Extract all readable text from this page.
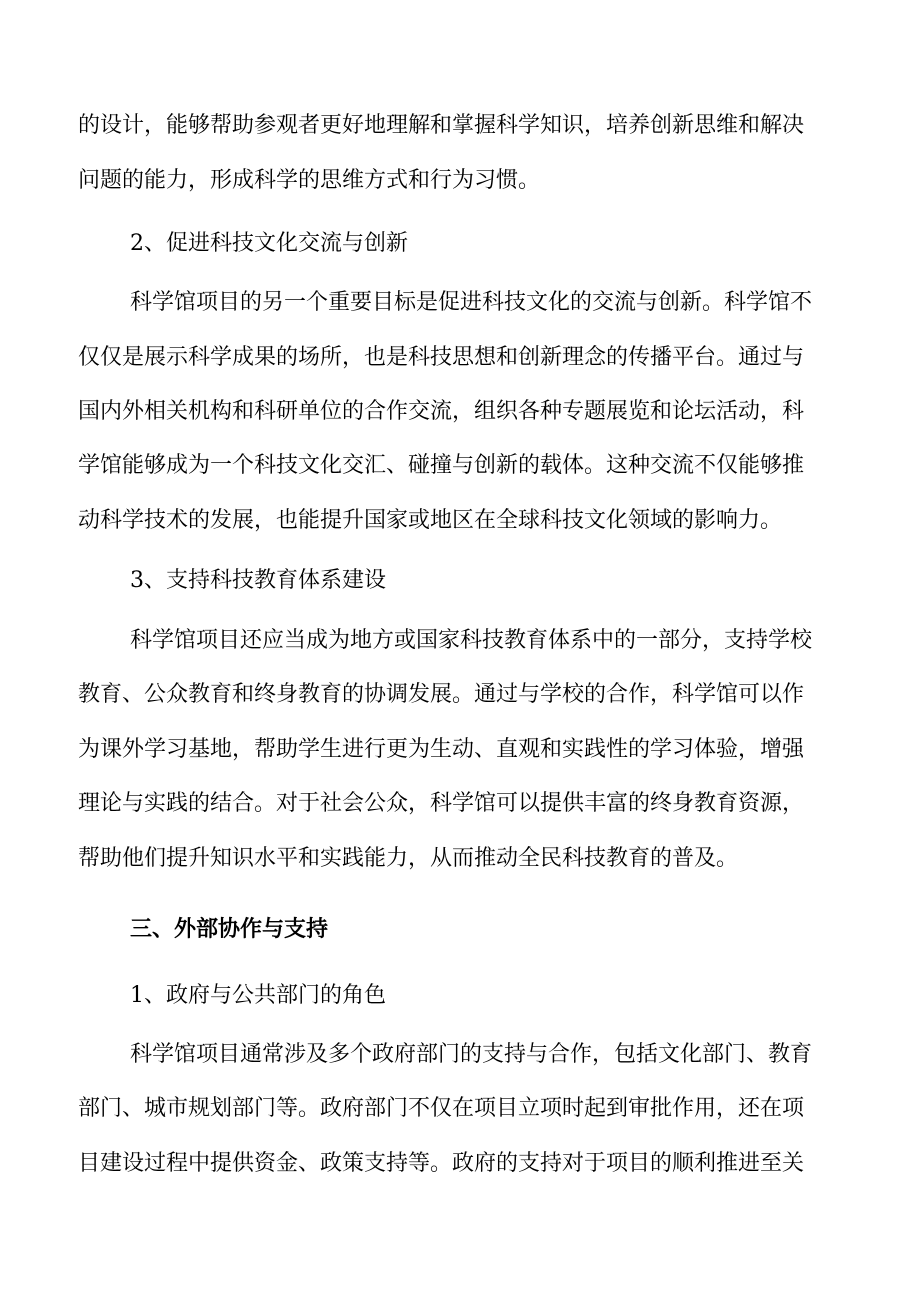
的设计，能够帮助参观者更好地理解和掌握科学知识，培养创新思维和解决
问题的能力，形成科学的思维方式和行为习惯。
2、促进科技文化交流与创新
科学馆项目的另一个重要目标是促进科技文化的交流与创新。科学馆不
仅仅是展示科学成果的场所，也是科技思想和创新理念的传播平台。通过与
国内外相关机构和科研单位的合作交流，组织各种专题展览和论坛活动，科
学馆能够成为一个科技文化交汇、碰撞与创新的载体。这种交流不仅能够推
动科学技术的发展，也能提升国家或地区在全球科技文化领域的影响力。
3、支持科技教育体系建设
科学馆项目还应当成为地方或国家科技教育体系中的一部分，支持学校
教育、公众教育和终身教育的协调发展。通过与学校的合作，科学馆可以作
为课外学习基地，帮助学生进行更为生动、直观和实践性的学习体验，增强
理论与实践的结合。对于社会公众，科学馆可以提供丰富的终身教育资源，
帮助他们提升知识水平和实践能力，从而推动全民科技教育的普及。
三、外部协作与支持
1、政府与公共部门的角色
科学馆项目通常涉及多个政府部门的支持与合作，包括文化部门、教育
部门、城市规划部门等。政府部门不仅在项目立项时起到审批作用，还在项
目建设过程中提供资金、政策支持等。政府的支持对于项目的顺利推进至关
